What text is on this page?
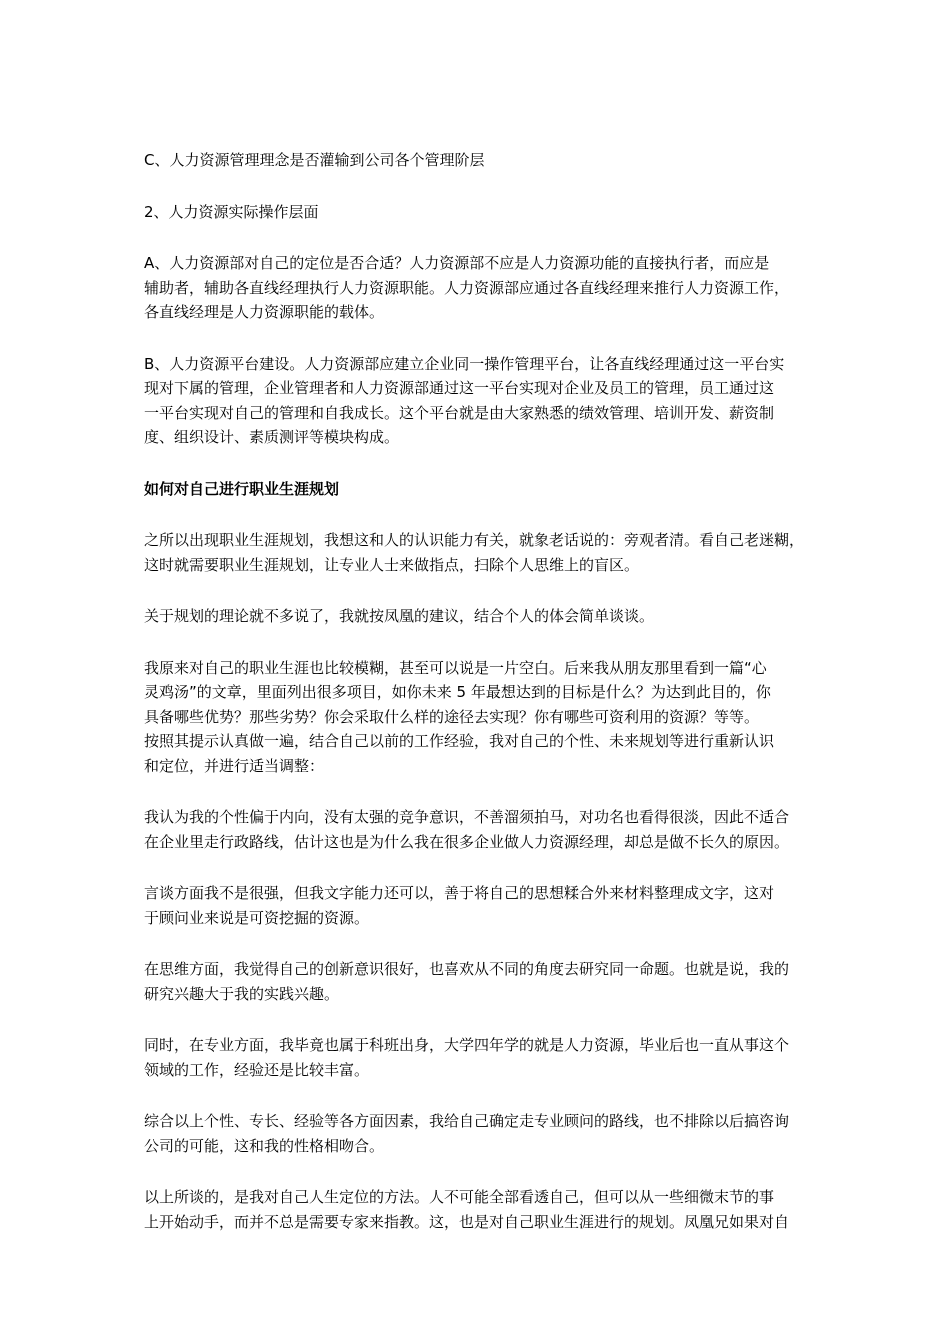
C、人力资源管理理念是否灌输到公司各个管理阶层

2、人力资源实际操作层面

A、人力资源部对自己的定位是否合适？人力资源部不应是人力资源功能的直接执行者，而应是
辅助者，辅助各直线经理执行人力资源职能。人力资源部应通过各直线经理来推行人力资源工作，
各直线经理是人力资源职能的载体。

B、人力资源平台建设。人力资源部应建立企业同一操作管理平台，让各直线经理通过这一平台实
现对下属的管理，企业管理者和人力资源部通过这一平台实现对企业及员工的管理，员工通过这
一平台实现对自己的管理和自我成长。这个平台就是由大家熟悉的绩效管理、培训开发、薪资制
度、组织设计、素质测评等模块构成。

如何对自己进行职业生涯规划

之所以出现职业生涯规划，我想这和人的认识能力有关，就象老话说的：旁观者清。看自己老迷糊，
这时就需要职业生涯规划，让专业人士来做指点，扫除个人思维上的盲区。

关于规划的理论就不多说了，我就按凤凰的建议，结合个人的体会简单谈谈。

我原来对自己的职业生涯也比较模糊，甚至可以说是一片空白。后来我从朋友那里看到一篇“心
灵鸡汤”的文章，里面列出很多项目，如你未来 5 年最想达到的目标是什么？为达到此目的，你
具备哪些优势？那些劣势？你会采取什么样的途径去实现？你有哪些可资利用的资源？等等。
按照其提示认真做一遍，结合自己以前的工作经验，我对自己的个性、未来规划等进行重新认识
和定位，并进行适当调整：

我认为我的个性偏于内向，没有太强的竞争意识，不善溜须拍马，对功名也看得很淡，因此不适合
在企业里走行政路线，估计这也是为什么我在很多企业做人力资源经理，却总是做不长久的原因。

言谈方面我不是很强，但我文字能力还可以，善于将自己的思想糅合外来材料整理成文字，这对
于顾问业来说是可资挖掘的资源。

在思维方面，我觉得自己的创新意识很好，也喜欢从不同的角度去研究同一命题。也就是说，我的
研究兴趣大于我的实践兴趣。

同时，在专业方面，我毕竟也属于科班出身，大学四年学的就是人力资源，毕业后也一直从事这个
领域的工作，经验还是比较丰富。

综合以上个性、专长、经验等各方面因素，我给自己确定走专业顾问的路线，也不排除以后搞咨询
公司的可能，这和我的性格相吻合。

以上所谈的，是我对自己人生定位的方法。人不可能全部看透自己，但可以从一些细微末节的事
上开始动手，而并不总是需要专家来指教。这，也是对自己职业生涯进行的规划。凤凰兄如果对自
